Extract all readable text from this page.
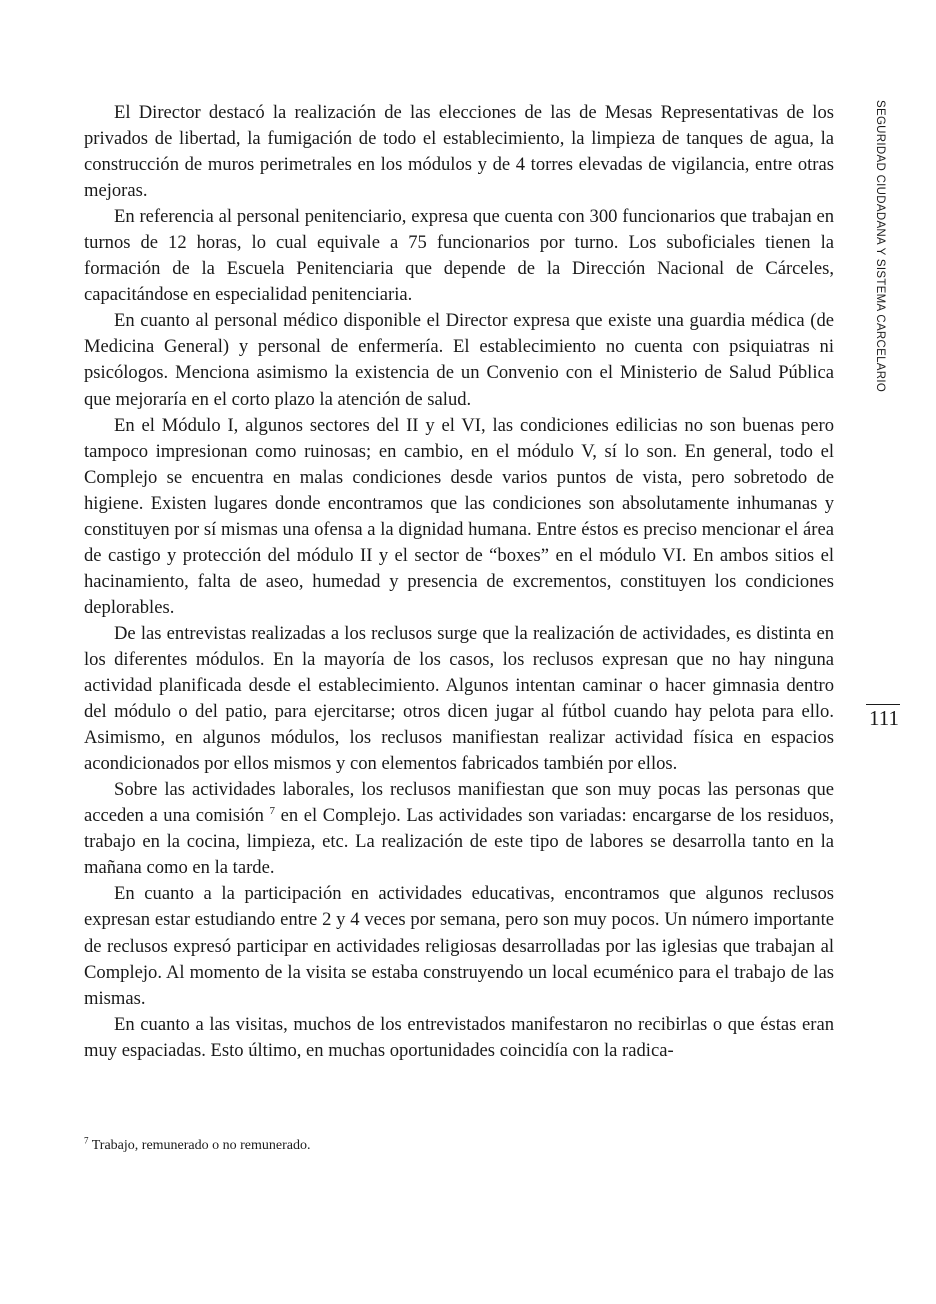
El Director destacó la realización de las elecciones de las de Mesas Representativas de los privados de libertad, la fumigación de todo el establecimiento, la limpieza de tanques de agua, la construcción de muros perimetrales en los módulos y de 4 torres elevadas de vigilancia, entre otras mejoras.

En referencia al personal penitenciario, expresa que cuenta con 300 funcionarios que trabajan en turnos de 12 horas, lo cual equivale a 75 funcionarios por turno. Los suboficiales tienen la formación de la Escuela Penitenciaria que depende de la Dirección Nacional de Cárceles, capacitándose en especialidad penitenciaria.

En cuanto al personal médico disponible el Director expresa que existe una guardia médica (de Medicina General) y personal de enfermería. El establecimiento no cuenta con psiquiatras ni psicólogos. Menciona asimismo la existencia de un Convenio con el Ministerio de Salud Pública que mejoraría en el corto plazo la atención de salud.

En el Módulo I, algunos sectores del II y el VI, las condiciones edilicias no son buenas pero tampoco impresionan como ruinosas; en cambio, en el módulo V, sí lo son. En general, todo el Complejo se encuentra en malas condiciones desde varios puntos de vista, pero sobretodo de higiene. Existen lugares donde encontramos que las condiciones son absolutamente inhumanas y constituyen por sí mismas una ofensa a la dignidad humana. Entre éstos es preciso mencionar el área de castigo y protección del módulo II y el sector de “boxes” en el módulo VI. En ambos sitios el hacinamiento, falta de aseo, humedad y presencia de excrementos, constituyen los condiciones deplorables.

De las entrevistas realizadas a los reclusos surge que la realización de actividades, es distinta en los diferentes módulos. En la mayoría de los casos, los reclusos expresan que no hay ninguna actividad planificada desde el establecimiento. Algunos intentan caminar o hacer gimnasia dentro del módulo o del patio, para ejercitarse; otros dicen jugar al fútbol cuando hay pelota para ello. Asimismo, en algunos módulos, los reclusos manifiestan realizar actividad física en espacios acondicionados por ellos mismos y con elementos fabricados también por ellos.

Sobre las actividades laborales, los reclusos manifiestan que son muy pocas las personas que acceden a una comisión $^7$ en el Complejo. Las actividades son variadas: encargarse de los residuos, trabajo en la cocina, limpieza, etc. La realización de este tipo de labores se desarrolla tanto en la mañana como en la tarde.

En cuanto a la participación en actividades educativas, encontramos que algunos reclusos expresan estar estudiando entre 2 y 4 veces por semana, pero son muy pocos. Un número importante de reclusos expresó participar en actividades religiosas desarrolladas por las iglesias que trabajan al Complejo. Al momento de la visita se estaba construyendo un local ecuménico para el trabajo de las mismas.

En cuanto a las visitas, muchos de los entrevistados manifestaron no recibirlas o que éstas eran muy espaciadas. Esto último, en muchas oportunidades coincidía con la radica-

SEGURIDAD CIUDADANA Y SISTEMA CARCELARIO
111
$^7$ Trabajo, remunerado o no remunerado.
